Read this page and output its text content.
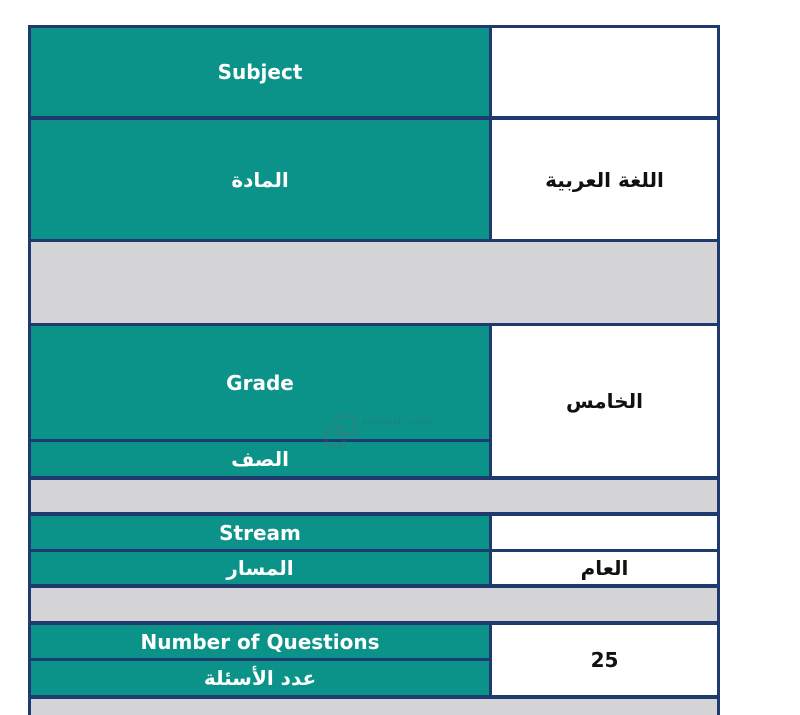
Subject
المادة	اللغة العربية
Grade
الصف
الخامس
Stream
المسار	العام
Number of Questions
عدد الأسئلة
25
almanahj.com
